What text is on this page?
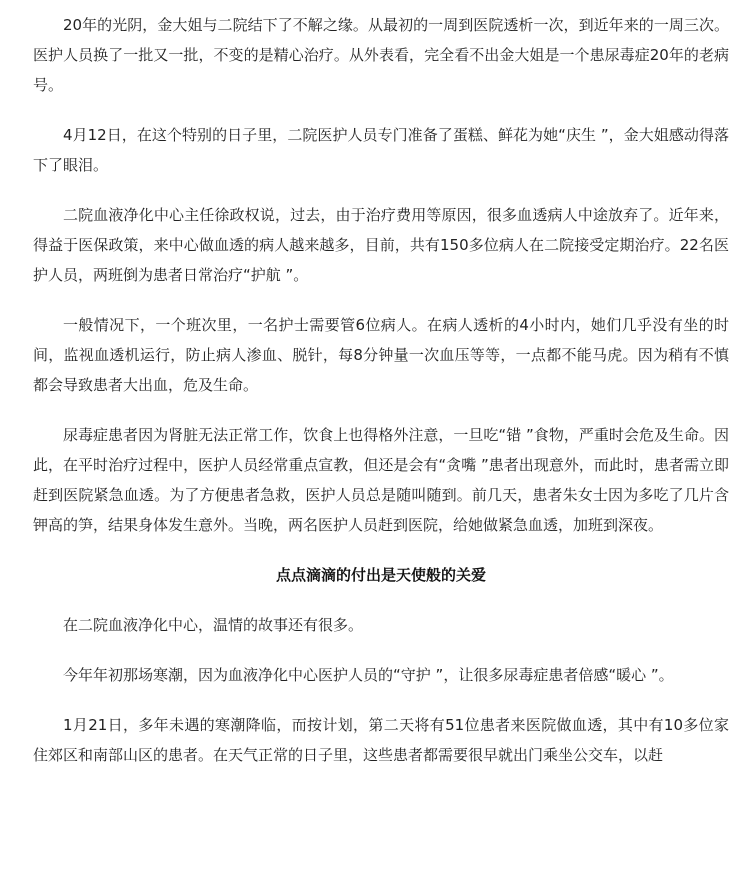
20年的光阴，金大姐与二院结下了不解之缘。从最初的一周到医院透析一次，到近年来的一周三次。医护人员换了一批又一批，不变的是精心治疗。从外表看，完全看不出金大姐是一个患尿毒症20年的老病号。

4月12日，在这个特别的日子里，二院医护人员专门准备了蛋糕、鲜花为她“庆生 ”，金大姐感动得落下了眼泪。

二院血液净化中心主任徐政权说，过去，由于治疗费用等原因，很多血透病人中途放弃了。近年来，得益于医保政策，来中心做血透的病人越来越多，目前，共有150多位病人在二院接受定期治疗。22名医护人员，两班倒为患者日常治疗“护航 ”。

一般情况下，一个班次里，一名护士需要管6位病人。在病人透析的4小时内，她们几乎没有坐的时间，监视血透机运行，防止病人渗血、脱针，每8分钟量一次血压等等，一点都不能马虎。因为稍有不慎都会导致患者大出血，危及生命。

尿毒症患者因为肾脏无法正常工作，饮食上也得格外注意，一旦吃“错 ”食物，严重时会危及生命。因此，在平时治疗过程中，医护人员经常重点宣教，但还是会有“贪嘴 ”患者出现意外，而此时，患者需立即赶到医院紧急血透。为了方便患者急救，医护人员总是随叫随到。前几天，患者朱女士因为多吃了几片含钾高的笋，结果身体发生意外。当晚，两名医护人员赶到医院，给她做紧急血透，加班到深夜。

点点滴滴的付出是天使般的关爱

在二院血液净化中心，温情的故事还有很多。

今年年初那场寒潮，因为血液净化中心医护人员的“守护 ”，让很多尿毒症患者倍感“暖心 ”。

1月21日，多年未遇的寒潮降临，而按计划，第二天将有51位患者来医院做血透，其中有10多位家住郊区和南部山区的患者。在天气正常的日子里，这些患者都需要很早就出门乘坐公交车，以赶
